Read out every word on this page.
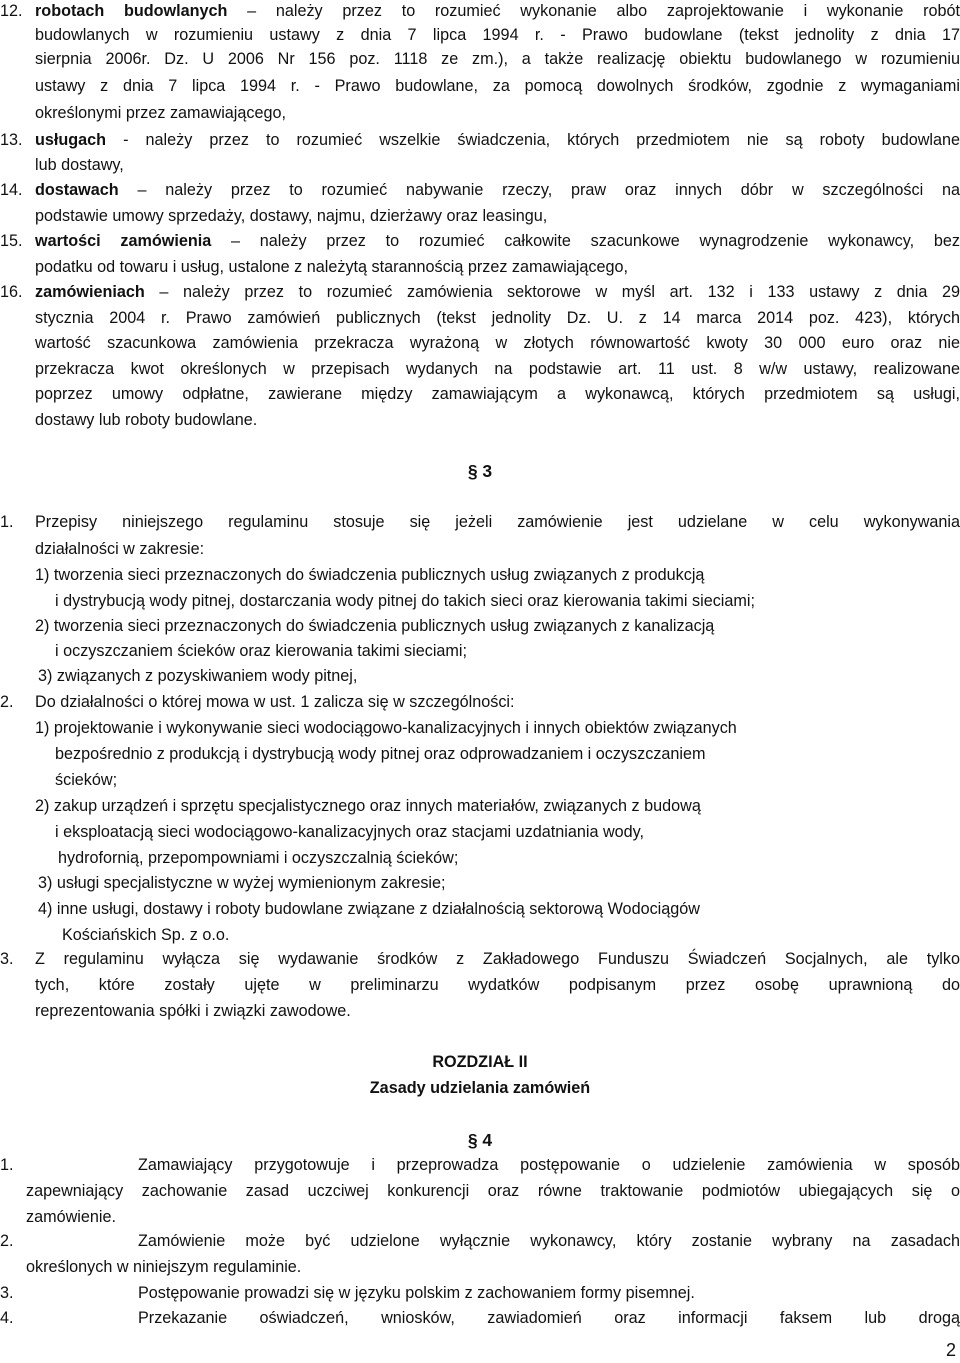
12. robotach budowlanych – należy przez to rozumieć wykonanie albo zaprojektowanie i wykonanie robót
budowlanych w rozumieniu ustawy z dnia 7 lipca 1994 r. - Prawo budowlane (tekst jednolity z dnia 17
sierpnia 2006r. Dz. U 2006 Nr 156 poz. 1118 ze zm.), a także realizację obiektu budowlanego w rozumieniu
ustawy z dnia 7 lipca 1994 r. - Prawo budowlane, za pomocą dowolnych środków, zgodnie z wymaganiami
określonymi przez zamawiającego,
13. usługach - należy przez to rozumieć wszelkie świadczenia, których przedmiotem nie są roboty budowlane
lub dostawy,
14. dostawach – należy przez to rozumieć nabywanie rzeczy, praw oraz innych dóbr w szczególności na
podstawie umowy sprzedaży, dostawy, najmu, dzierżawy oraz leasingu,
15. wartości zamówienia – należy przez to rozumieć całkowite szacunkowe wynagrodzenie wykonawcy, bez
podatku od towaru i usług, ustalone z należytą starannością przez zamawiającego,
16. zamówieniach – należy przez to rozumieć zamówienia sektorowe w myśl art. 132 i 133 ustawy z dnia 29
stycznia 2004 r. Prawo zamówień publicznych (tekst jednolity Dz. U. z 14 marca 2014 poz. 423), których
wartość szacunkowa zamówienia przekracza wyrażoną w złotych równowartość kwoty 30 000 euro oraz nie
przekracza kwot określonych w przepisach wydanych na podstawie art. 11 ust. 8 w/w ustawy, realizowane
poprzez umowy odpłatne, zawierane między zamawiającym a wykonawcą, których przedmiotem są usługi,
dostawy lub roboty budowlane.
§ 3
1. Przepisy niniejszego regulaminu stosuje się jeżeli zamówienie jest udzielane w celu wykonywania
działalności w zakresie:
1) tworzenia sieci przeznaczonych do świadczenia publicznych usług związanych z produkcją
i dystrybucją wody pitnej, dostarczania wody pitnej do takich sieci oraz kierowania takimi sieciami;
2) tworzenia sieci przeznaczonych do świadczenia publicznych usług związanych z kanalizacją
i oczyszczaniem ścieków oraz kierowania takimi sieciami;
3) związanych z pozyskiwaniem wody pitnej,
2. Do działalności o której mowa w ust. 1 zalicza się w szczególności:
1) projektowanie i wykonywanie sieci wodociągowo-kanalizacyjnych i innych obiektów związanych
bezpośrednio z produkcją i dystrybucją wody pitnej oraz odprowadzaniem i oczyszczaniem
ścieków;
2) zakup urządzeń i sprzętu specjalistycznego oraz innych materiałów, związanych z budową
i eksploatacją sieci wodociągowo-kanalizacyjnych oraz stacjami uzdatniania wody,
hydrofornią, przepompowniami i oczyszczalnią ścieków;
3) usługi specjalistyczne w wyżej wymienionym zakresie;
4) inne usługi, dostawy i roboty budowlane związane z działalnością sektorową Wodociągów
Kościańskich Sp. z o.o.
3. Z regulaminu wyłącza się wydawanie środków z Zakładowego Funduszu Świadczeń Socjalnych, ale tylko
tych, które zostały ujęte w preliminarzu wydatków podpisanym przez osobę uprawnioną do
reprezentowania spółki i związki zawodowe.
ROZDZIAŁ II
Zasady udzielania zamówień
§ 4
1.	Zamawiający przygotowuje i przeprowadza postępowanie o udzielenie zamówienia w sposób
zapewniający zachowanie zasad uczciwej konkurencji oraz równe traktowanie podmiotów ubiegających się o
zamówienie.
2.	Zamówienie może być udzielone wyłącznie wykonawcy, który zostanie wybrany na zasadach
określonych w niniejszym regulaminie.
3.	Postępowanie prowadzi się w języku polskim z zachowaniem formy pisemnej.
4.	Przekazanie oświadczeń, wniosków, zawiadomień oraz informacji faksem lub drogą
2
